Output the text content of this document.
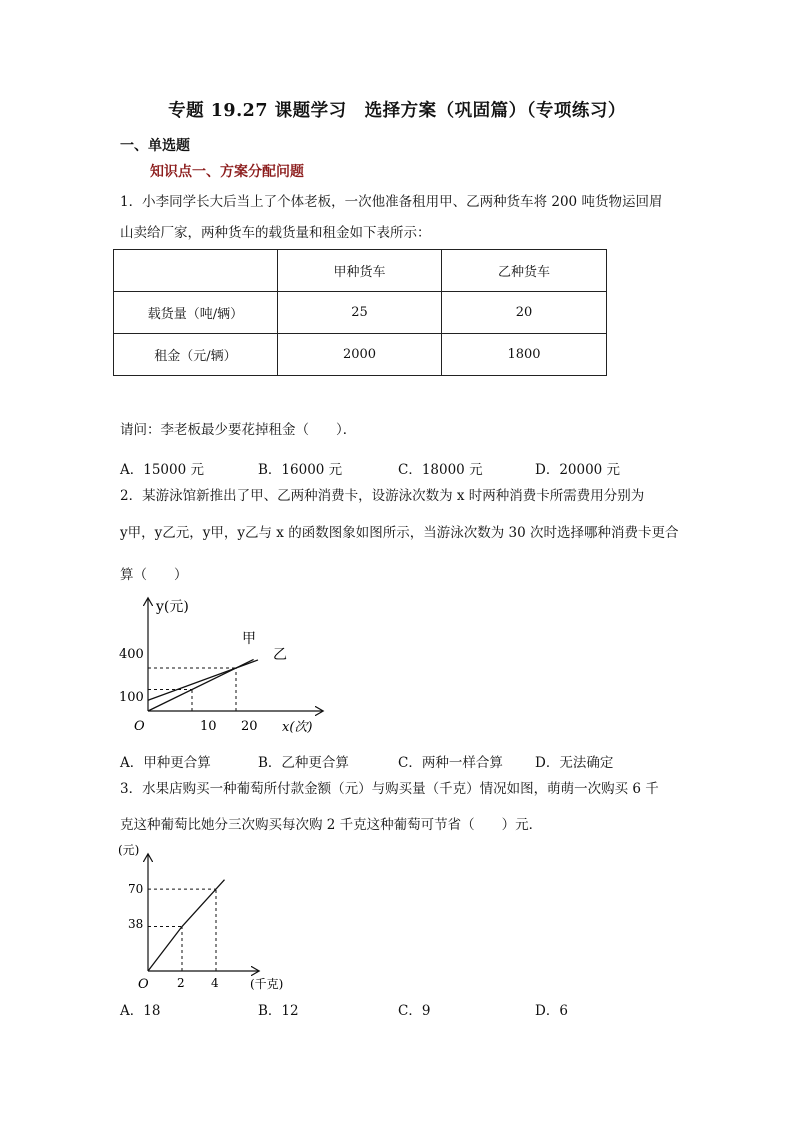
专题 19.27 课题学习　选择方案（巩固篇）（专项练习）
一、单选题
知识点一、方案分配问题
1．小李同学长大后当上了个体老板，一次他准备租用甲、乙两种货车将 200 吨货物运回眉
山卖给厂家，两种货车的载货量和租金如下表所示：
	甲种货车	乙种货车
载货量（吨/辆）	25	20
租金（元/辆）	2000	1800
请问：李老板最少要花掉租金（　　）．
A．15000 元	B．16000 元	C．18000 元	D．20000 元
2．某游泳馆新推出了甲、乙两种消费卡，设游泳次数为 x 时两种消费卡所需费用分别为
y甲，y乙元，y甲，y乙与 x 的函数图象如图所示，当游泳次数为 30 次时选择哪种消费卡更合
算（　　）
y(元)
x(次)
O	10 20
100
400
甲
乙
A．甲种更合算	B．乙种更合算	C．两种一样合算 D．无法确定
3．水果店购买一种葡萄所付款金额（元）与购买量（千克）情况如图，萌萌一次购买 6 千
克这种葡萄比她分三次购买每次购 2 千克这种葡萄可节省（　　）元．
(元)
(千克)
O 2 4
38
70
A．18	B．12	C．9	D．6
